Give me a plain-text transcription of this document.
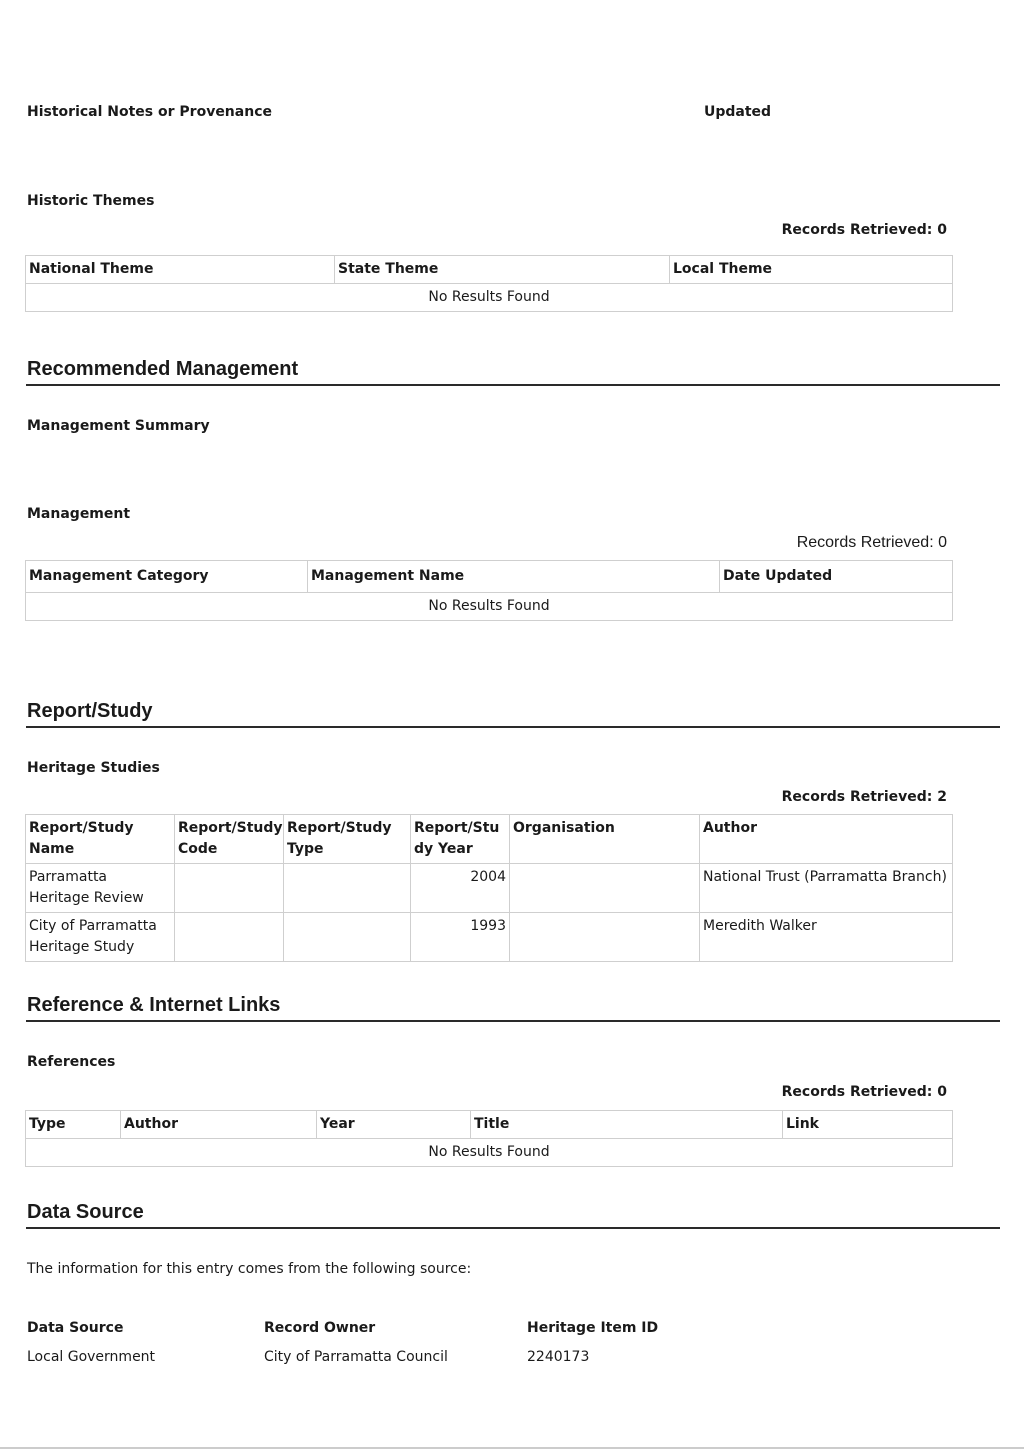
Historical Notes or Provenance	Updated
Historic Themes
Records Retrieved: 0
National Theme	State Theme	Local Theme
No Results Found
Recommended Management
Management Summary
Management
Records Retrieved: 0
Management Category	Management Name	Date Updated
No Results Found
Report/Study
Heritage Studies
Records Retrieved: 2
Report/Study Name	Report/Study Code	Report/Study Type	Report/Study Year	Organisation	Author
Parramatta Heritage Review			2004		National Trust (Parramatta Branch)
City of Parramatta Heritage Study			1993		Meredith Walker
Reference & Internet Links
References
Records Retrieved: 0
Type	Author	Year	Title	Link
No Results Found
Data Source
The information for this entry comes from the following source:
Data Source
Local Government
Record Owner
City of Parramatta Council
Heritage Item ID
2240173
